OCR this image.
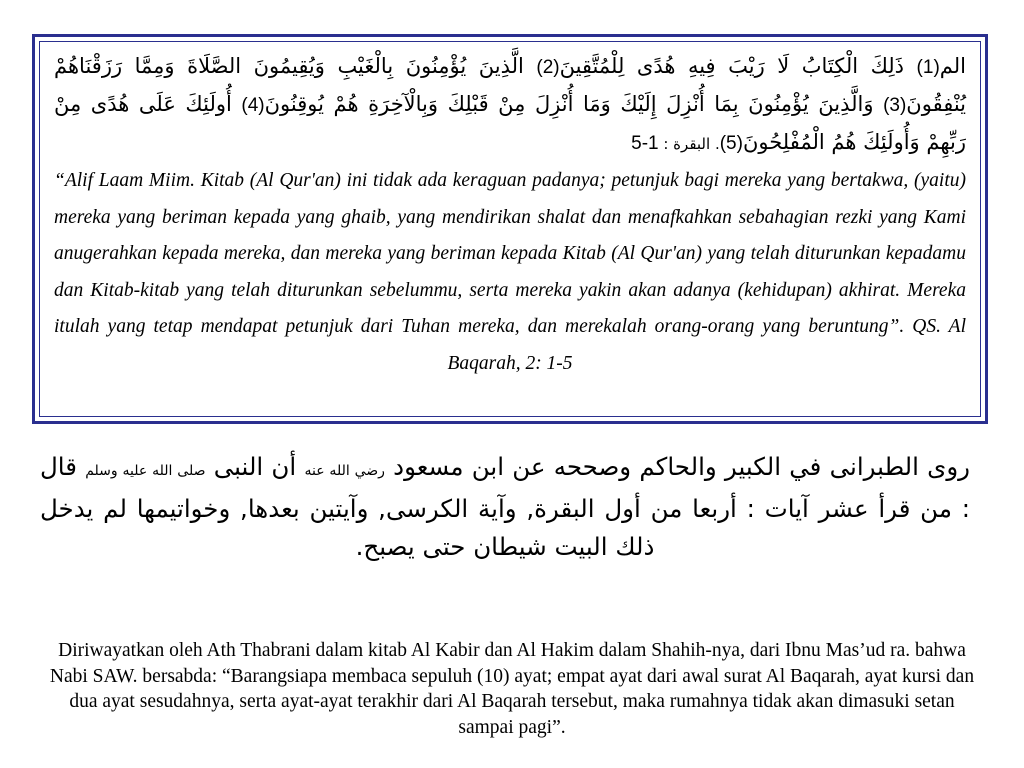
الم(1) ذَلِكَ الْكِتَابُ لَا رَيْبَ فِيهِ هُدًى لِلْمُتَّقِينَ(2) الَّذِينَ يُؤْمِنُونَ بِالْغَيْبِ وَيُقِيمُونَ الصَّلَاةَ وَمِمَّا رَزَقْنَاهُمْ يُنْفِقُونَ(3) وَالَّذِينَ يُؤْمِنُونَ بِمَا أُنْزِلَ إِلَيْكَ وَمَا أُنْزِلَ مِنْ قَبْلِكَ وَبِالْآخِرَةِ هُمْ يُوقِنُونَ(4) أُولَئِكَ عَلَى هُدًى مِنْ رَبِّهِمْ وَأُولَئِكَ هُمُ الْمُفْلِحُونَ(5). البقرة : 1-5

“Alif Laam Miim. Kitab (Al Qur'an) ini tidak ada keraguan padanya; petunjuk bagi mereka yang bertakwa, (yaitu) mereka yang beriman kepada yang ghaib, yang mendirikan shalat dan menafkahkan sebahagian rezki yang Kami anugerahkan kepada mereka, dan mereka yang beriman kepada Kitab (Al Qur'an) yang telah diturunkan kepadamu dan Kitab-kitab yang telah diturunkan sebelummu, serta mereka yakin akan adanya (kehidupan) akhirat. Mereka itulah yang tetap mendapat petunjuk dari Tuhan mereka, dan merekalah orang-orang yang beruntung”. QS. Al Baqarah, 2: 1-5

روى الطبرانى في الكبير والحاكم وصححه عن ابن مسعود رضي الله عنه أن النبى صلى الله عليه وسلم قال : من قرأ عشر آيات : أربعا من أول البقرة, وآية الكرسى, وآيتين بعدها, وخواتيمها لم يدخل ذلك البيت شيطان حتى يصبح.

Diriwayatkan oleh Ath Thabrani dalam kitab Al Kabir dan Al Hakim dalam Shahih-nya, dari Ibnu Mas’ud ra. bahwa Nabi SAW. bersabda: “Barangsiapa membaca sepuluh (10) ayat; empat ayat dari awal surat Al Baqarah, ayat kursi dan dua ayat sesudahnya, serta ayat-ayat terakhir dari Al Baqarah tersebut, maka rumahnya tidak akan dimasuki setan sampai pagi”.
